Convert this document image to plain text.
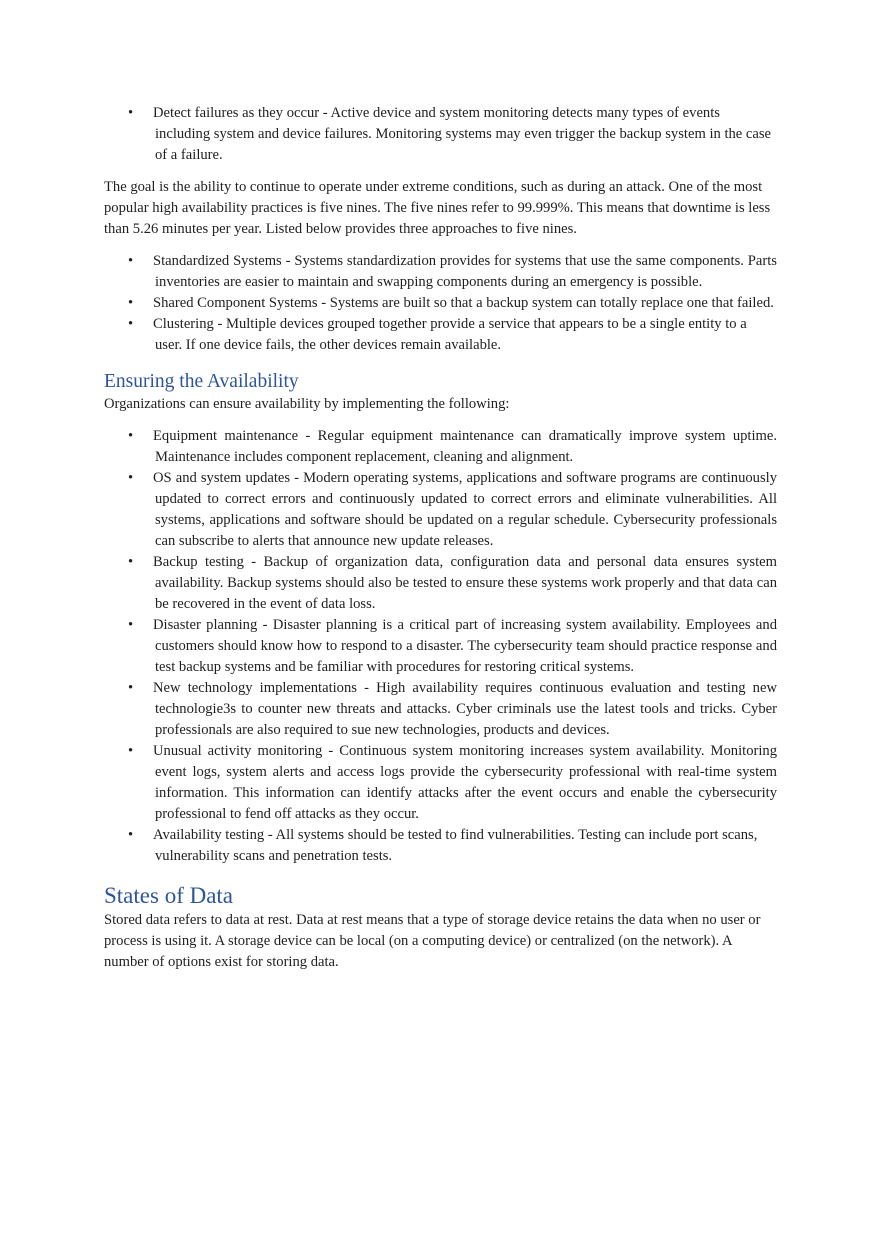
• Detect failures as they occur - Active device and system monitoring detects many types of events including system and device failures. Monitoring systems may even trigger the backup system in the case of a failure.

The goal is the ability to continue to operate under extreme conditions, such as during an attack. One of the most popular high availability practices is five nines. The five nines refer to 99.999%. This means that downtime is less than 5.26 minutes per year. Listed below provides three approaches to five nines.

• Standardized Systems - Systems standardization provides for systems that use the same components. Parts inventories are easier to maintain and swapping components during an emergency is possible.
• Shared Component Systems - Systems are built so that a backup system can totally replace one that failed.
• Clustering - Multiple devices grouped together provide a service that appears to be a single entity to a user. If one device fails, the other devices remain available.
Ensuring the Availability

Organizations can ensure availability by implementing the following:

• Equipment maintenance - Regular equipment maintenance can dramatically improve system uptime. Maintenance includes component replacement, cleaning and alignment.
• OS and system updates - Modern operating systems, applications and software programs are continuously updated to correct errors and continuously updated to correct errors and eliminate vulnerabilities. All systems, applications and software should be updated on a regular schedule. Cybersecurity professionals can subscribe to alerts that announce new update releases.
• Backup testing - Backup of organization data, configuration data and personal data ensures system availability. Backup systems should also be tested to ensure these systems work properly and that data can be recovered in the event of data loss.
• Disaster planning - Disaster planning is a critical part of increasing system availability. Employees and customers should know how to respond to a disaster. The cybersecurity team should practice response and test backup systems and be familiar with procedures for restoring critical systems.
• New technology implementations - High availability requires continuous evaluation and testing new technologie3s to counter new threats and attacks. Cyber criminals use the latest tools and tricks. Cyber professionals are also required to sue new technologies, products and devices.
• Unusual activity monitoring - Continuous system monitoring increases system availability. Monitoring event logs, system alerts and access logs provide the cybersecurity professional with real-time system information. This information can identify attacks after the event occurs and enable the cybersecurity professional to fend off attacks as they occur.
• Availability testing - All systems should be tested to find vulnerabilities. Testing can include port scans, vulnerability scans and penetration tests.
States of Data

Stored data refers to data at rest. Data at rest means that a type of storage device retains the data when no user or process is using it. A storage device can be local (on a computing device) or centralized (on the network). A number of options exist for storing data.
